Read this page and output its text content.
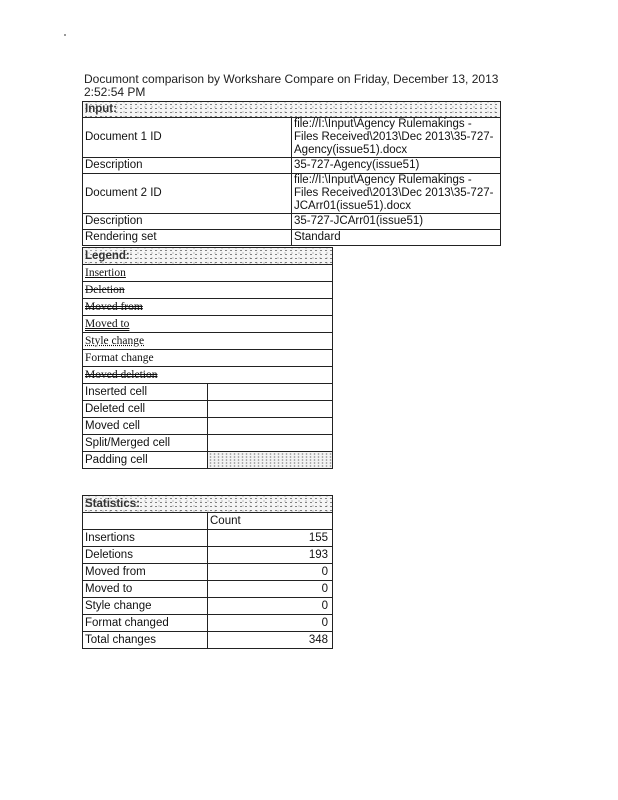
Documont comparison by Workshare Compare on Friday, December 13, 2013 2:52:54 PM
Input:	
Document 1 ID	file://I:\Input\Agency Rulemakings - Files Received\2013\Dec 2013\35-727-Agency(issue51).docx
Description	35-727-Agency(issue51)
Document 2 ID	file://I:\Input\Agency Rulemakings - Files Received\2013\Dec 2013\35-727-JCArr01(issue51).docx
Description	35-727-JCArr01(issue51)
Rendering set	Standard
Legend:	
Insertion	
Deletion	
Moved from	
Moved to	
Style change	
Format change	
Moved deletion	
Inserted cell	
Deleted cell	
Moved cell	
Split/Merged cell	
Padding cell	
Statistics:	
	Count
Insertions	155
Deletions	193
Moved from	0
Moved to	0
Style change	0
Format changed	0
Total changes	348
